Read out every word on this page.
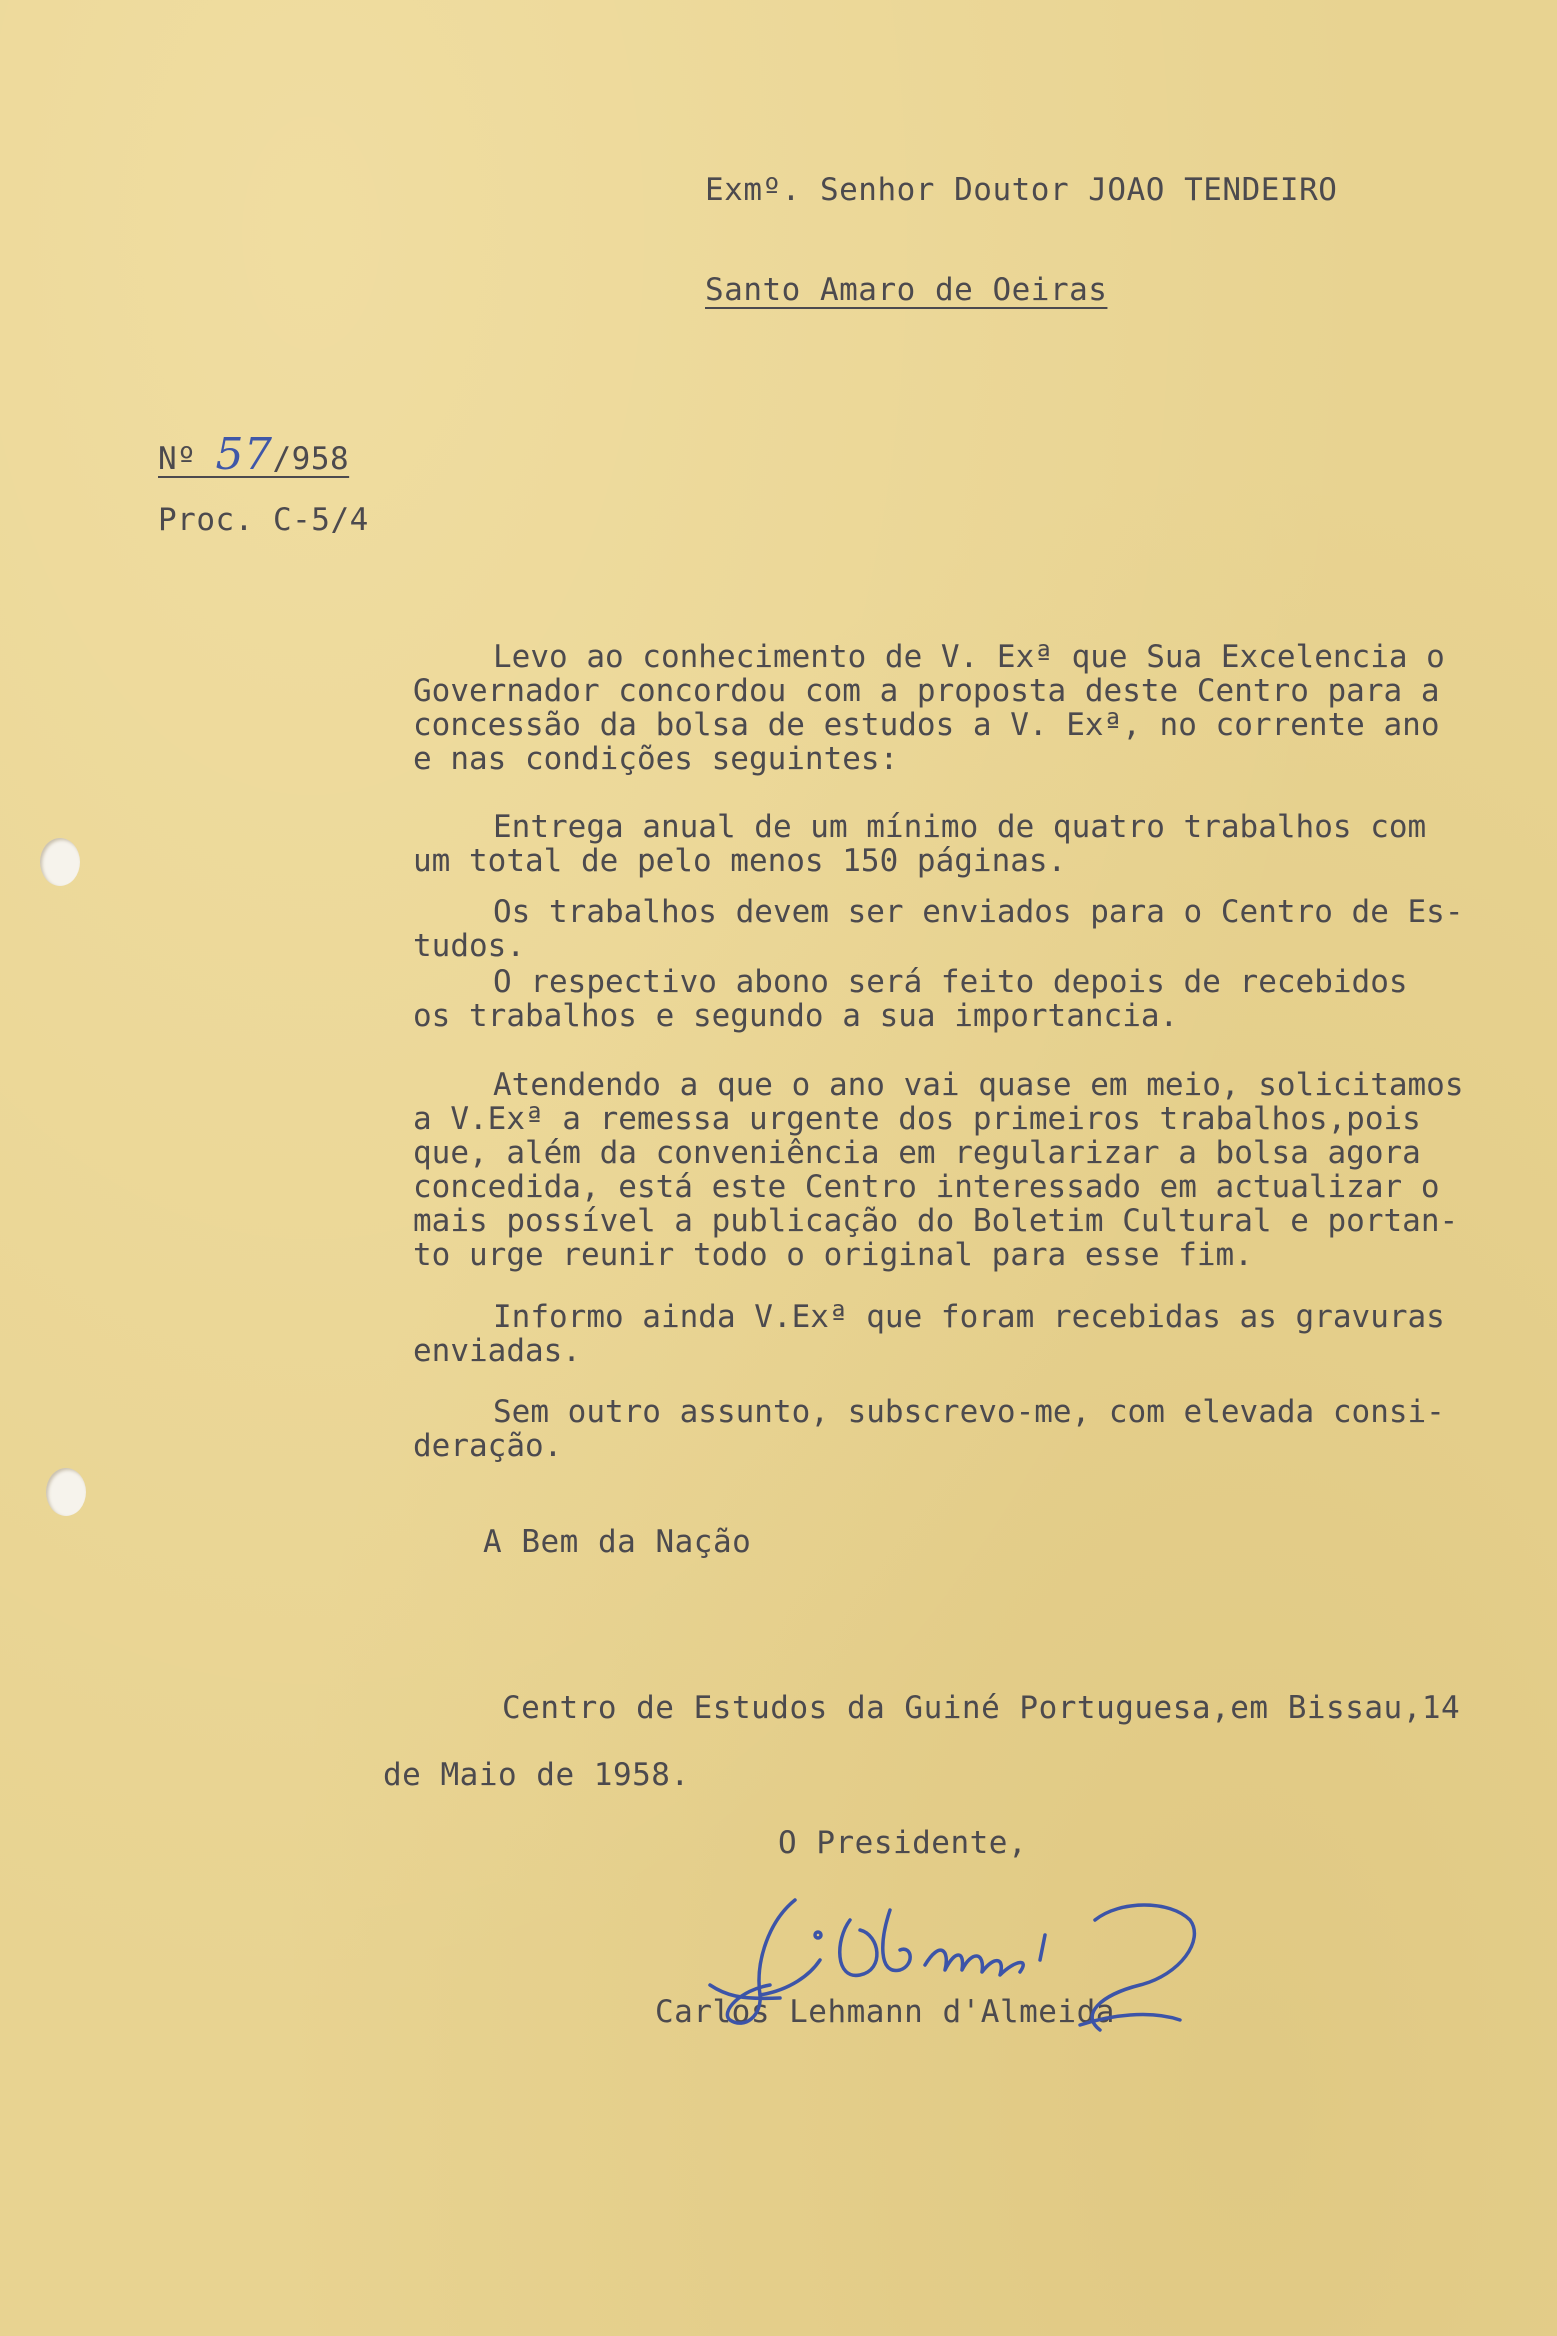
Exmº. Senhor Doutor JOAO TENDEIRO
Santo Amaro de Oeiras
Nº 57/958
Proc. C-5/4

Levo ao conhecimento de V. Exª que Sua Excelencia o

Governador concordou com a proposta deste Centro para a

concessão da bolsa de estudos a V. Exª, no corrente ano

e nas condições seguintes:

Entrega anual de um mínimo de quatro trabalhos com

um total de pelo menos 150 páginas.

Os trabalhos devem ser enviados para o Centro de Es-

tudos.

O respectivo abono será feito depois de recebidos

os trabalhos e segundo a sua importancia.

Atendendo a que o ano vai quase em meio, solicitamos

a V.Exª a remessa urgente dos primeiros trabalhos,pois

que, além da conveniência em regularizar a bolsa agora

concedida, está este Centro interessado em actualizar o

mais possível a publicação do Boletim Cultural e portan-

to urge reunir todo o original para esse fim.

Informo ainda V.Exª que foram recebidas as gravuras

enviadas.

Sem outro assunto, subscrevo-me, com elevada consi-

deração.

A Bem da Nação
Centro de Estudos da Guiné Portuguesa,em Bissau,14
de Maio de 1958.
O Presidente,
Carlos Lehmann d'Almeida
